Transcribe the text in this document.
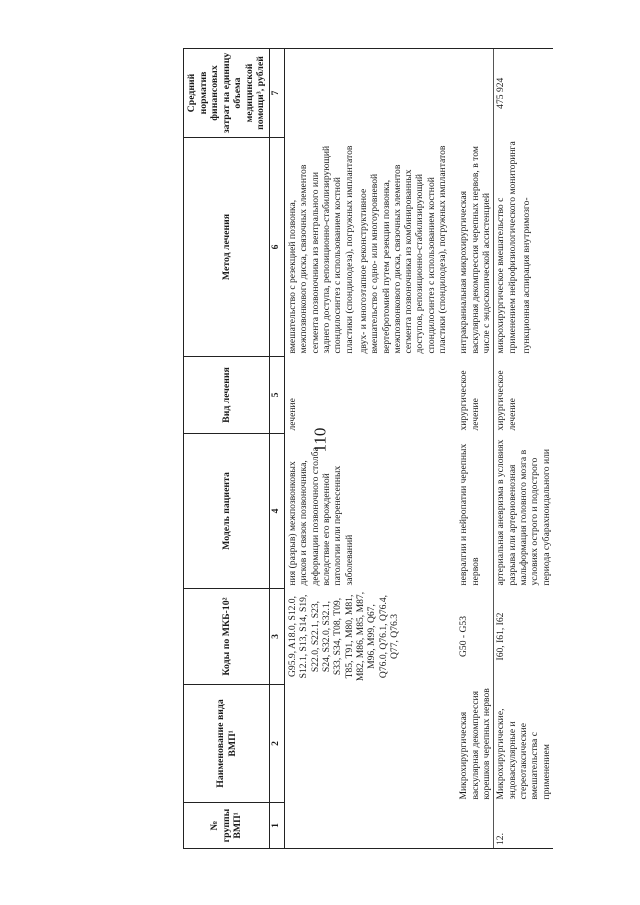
110
№ группы ВМП¹	Наименование вида ВМП¹	Коды по МКБ-10²	Модель пациента	Вид лечения	Метод лечения	Средний норматив финансовых затрат на единицу объема медицинской помощи³, рублей
1	2	3	4	5	6	7
		G95.9, A18.0, S12.0, S12.1, S13, S14, S19, S22.0, S22.1, S23, S24, S32.0, S32.1, S33, S34, T08, T09, T85, T91, M80, M81, M82, M86, M85, M87, M96, M99, Q67, Q76.0, Q76.1, Q76.4, Q77, Q76.3	ния (разрыв) межпозвонковых дисков и связок позвоночника, деформации позвоночного столба вследствие его врожденной патологии или перенесенных заболеваний	лечение	вмешательство с резекцией позвонка, межпозвонкового диска, связочных элементов сегмента позвоночника из вентрального или заднего доступа, репозиционно-стабилизирующий спондилосинтез с использованием костной пластики (спондилодеза), погружных имплантатов двух- и многоэтапное реконструктивное вмешательство с одно- или многоуровневой вертебротомией путем резекции позвонка, межпозвонкового диска, связочных элементов сегмента позвоночника из комбинированных доступов, репозиционно-стабилизирующий спондилосинтез с использованием костной пластики (спондилодеза), погружных имплантатов	

	Микрохирургическая васкулярная декомпрессия корешков черепных нервов	G50 - G53	невралгии и нейропатии черепных нервов	хирургическое лечение	интракраниальная микрохирургическая васкулярная декомпрессия черепных нервов, в том числе с эндоскопической ассистенцией	
12.	Микрохирургические, эндоваскулярные и стереотаксические вмешательства с применением	I60, I61, I62	артериальная аневризма в условиях разрыва или артериовенозная мальформация головного мозга в условиях острого и подострого периода субарахноидального или	хирургическое лечение	микрохирургическое вмешательство с применением нейрофизиологического мониторинга пункционная аспирация внутримозго-	475 924
